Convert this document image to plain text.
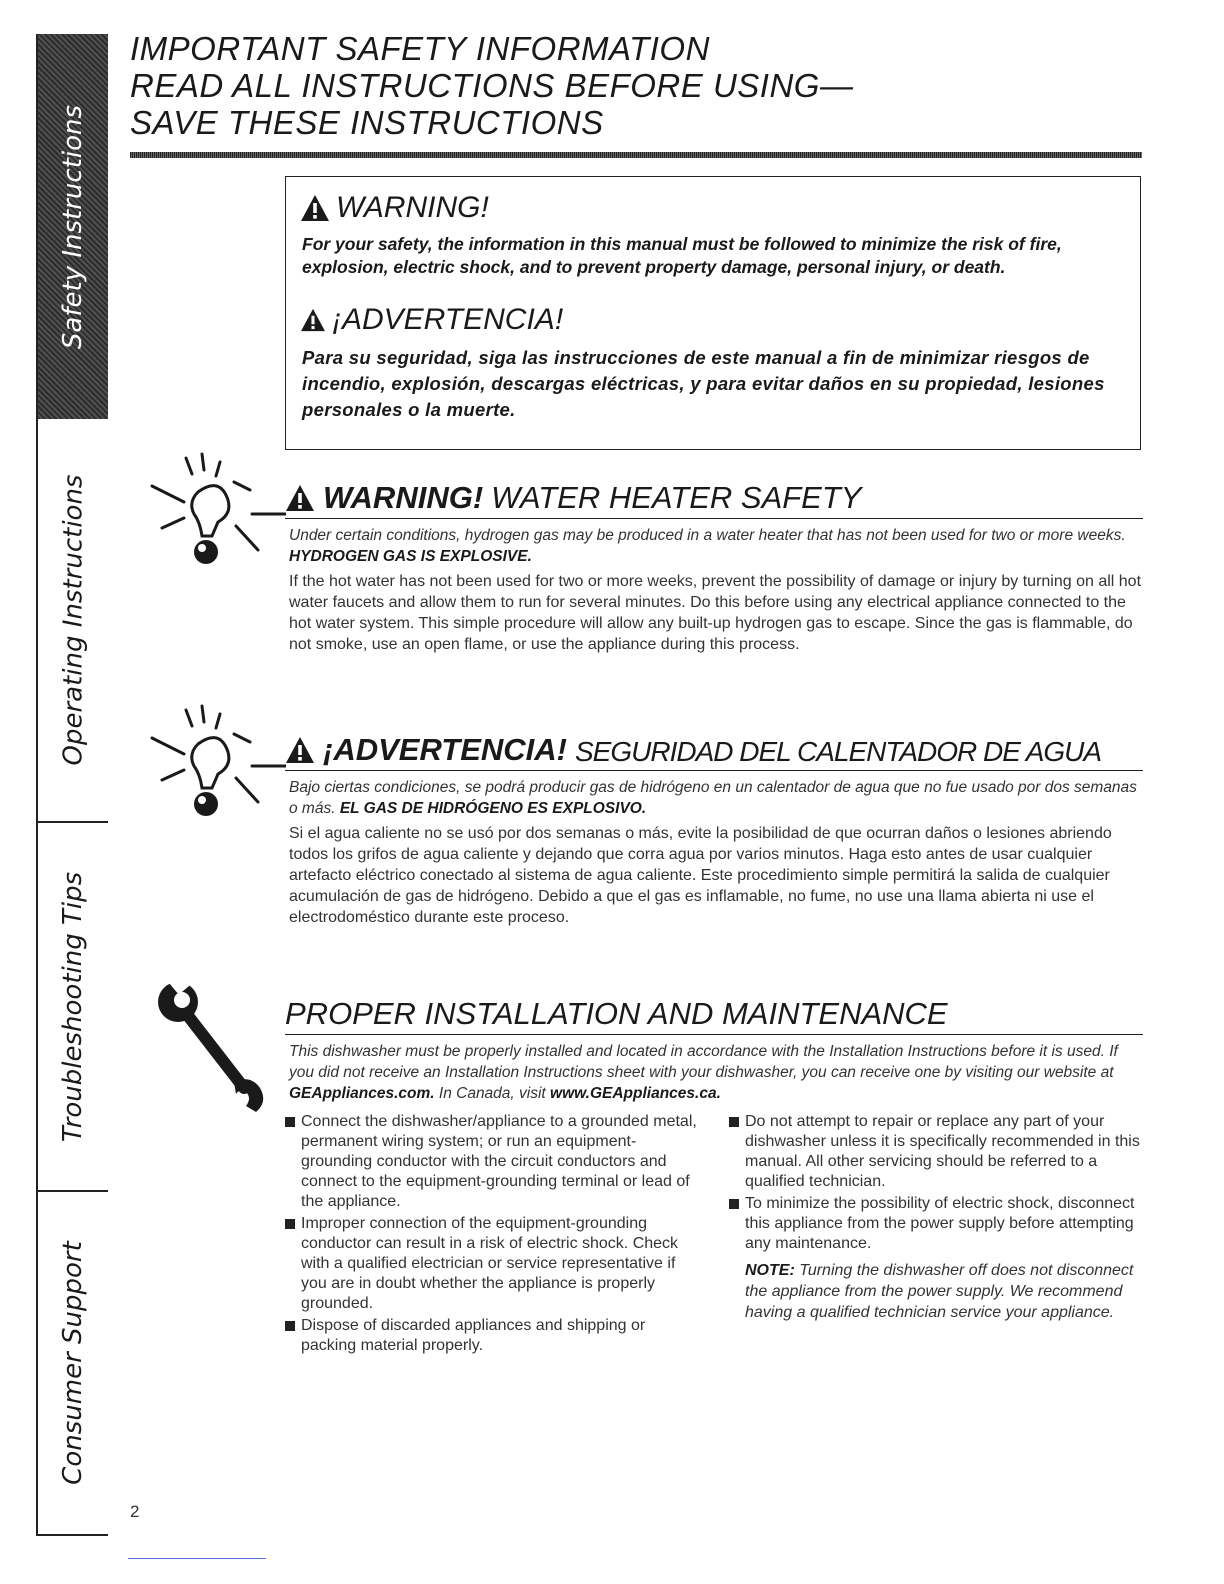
Safety Instructions
Operating Instructions
Troubleshooting Tips
Consumer Support
IMPORTANT SAFETY INFORMATION
READ ALL INSTRUCTIONS BEFORE USING—
SAVE THESE INSTRUCTIONS
WARNING!
For your safety, the information in this manual must be followed to minimize the risk of fire, explosion, electric shock, and to prevent property damage, personal injury, or death.
¡ADVERTENCIA!
Para su seguridad, siga las instrucciones de este manual a fin de minimizar riesgos de incendio, explosión, descargas eléctricas, y para evitar daños en su propiedad, lesiones personales o la muerte.
WARNING! WATER HEATER SAFETY
Under certain conditions, hydrogen gas may be produced in a water heater that has not been used for two or more weeks. HYDROGEN GAS IS EXPLOSIVE.
If the hot water has not been used for two or more weeks, prevent the possibility of damage or injury by turning on all hot water faucets and allow them to run for several minutes. Do this before using any electrical appliance connected to the hot water system. This simple procedure will allow any built-up hydrogen gas to escape. Since the gas is flammable, do not smoke, use an open flame, or use the appliance during this process.
¡ADVERTENCIA! SEGURIDAD DEL CALENTADOR DE AGUA
Bajo ciertas condiciones, se podrá producir gas de hidrógeno en un calentador de agua que no fue usado por dos semanas o más. EL GAS DE HIDRÓGENO ES EXPLOSIVO.
Si el agua caliente no se usó por dos semanas o más, evite la posibilidad de que ocurran daños o lesiones abriendo todos los grifos de agua caliente y dejando que corra agua por varios minutos. Haga esto antes de usar cualquier artefacto eléctrico conectado al sistema de agua caliente. Este procedimiento simple permitirá la salida de cualquier acumulación de gas de hidrógeno. Debido a que el gas es inflamable, no fume, no use una llama abierta ni use el electrodoméstico durante este proceso.
PROPER INSTALLATION AND MAINTENANCE
This dishwasher must be properly installed and located in accordance with the Installation Instructions before it is used. If you did not receive an Installation Instructions sheet with your dishwasher, you can receive one by visiting our website at GEAppliances.com. In Canada, visit www.GEAppliances.ca.
Connect the dishwasher/appliance to a grounded metal, permanent wiring system; or run an equipment-grounding conductor with the circuit conductors and connect to the equipment-grounding terminal or lead of the appliance.
Improper connection of the equipment-grounding conductor can result in a risk of electric shock. Check with a qualified electrician or service representative if you are in doubt whether the appliance is properly grounded.
Dispose of discarded appliances and shipping or packing material properly.
Do not attempt to repair or replace any part of your dishwasher unless it is specifically recommended in this manual. All other servicing should be referred to a qualified technician.
To minimize the possibility of electric shock, disconnect this appliance from the power supply before attempting any maintenance.
NOTE: Turning the dishwasher off does not disconnect the appliance from the power supply. We recommend having a qualified technician service your appliance.
2
